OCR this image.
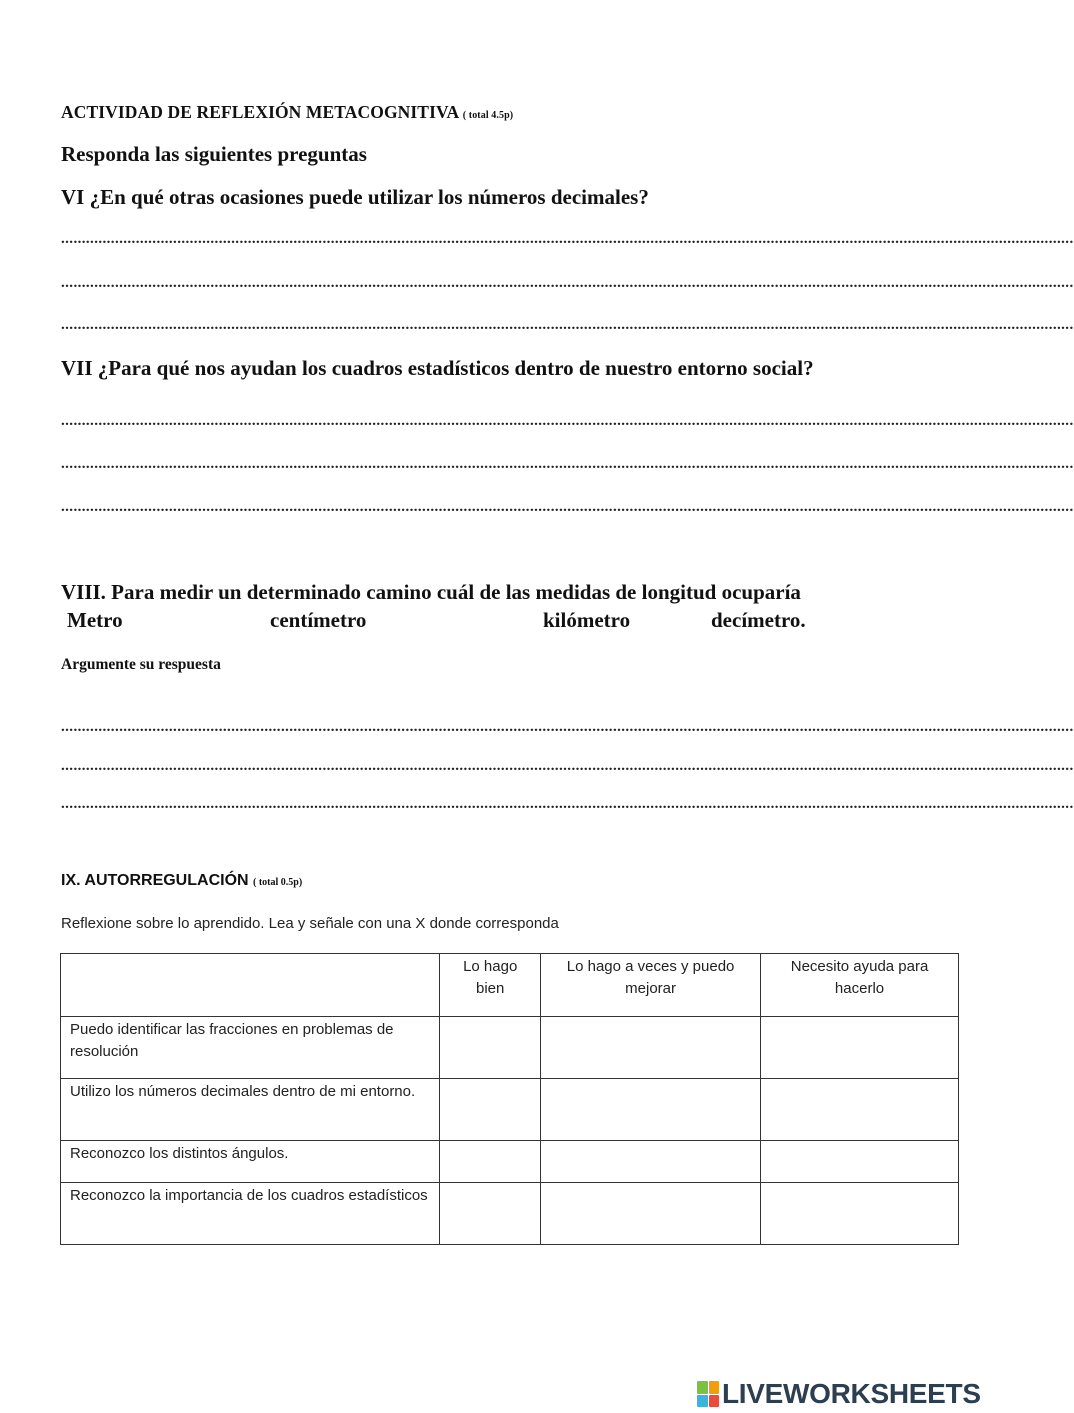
ACTIVIDAD DE REFLEXIÓN METACOGNITIVA ( total 4.5p)
Responda las siguientes preguntas
VI ¿En qué otras ocasiones puede utilizar los números decimales?
....................................................................................................................................................................................................................................................
....................................................................................................................................................................................................................................................
....................................................................................................................................................................................................................................................
VII ¿Para qué nos ayudan los cuadros estadísticos dentro de nuestro entorno social?
....................................................................................................................................................................................................................................................
....................................................................................................................................................................................................................................................
....................................................................................................................................................................................................................................................
VIII. Para medir un determinado camino cuál de las medidas de longitud ocuparía
Metro	centímetro	kilómetro	decímetro.
Argumente su respuesta
....................................................................................................................................................................................................................................................
....................................................................................................................................................................................................................................................
....................................................................................................................................................................................................................................................
IX. AUTORREGULACIÓN ( total 0.5p)
Reflexione sobre lo aprendido. Lea y señale con una X donde corresponda

	Lo hago bien	Lo hago a veces y puedo mejorar	Necesito ayuda para hacerlo

Puedo identificar las fracciones en problemas de resolución			
Utilizo los números decimales dentro de mi entorno.			
Reconozco los distintos ángulos.			
Reconozco la importancia de los cuadros estadísticos			
LIVEWORKSHEETS
